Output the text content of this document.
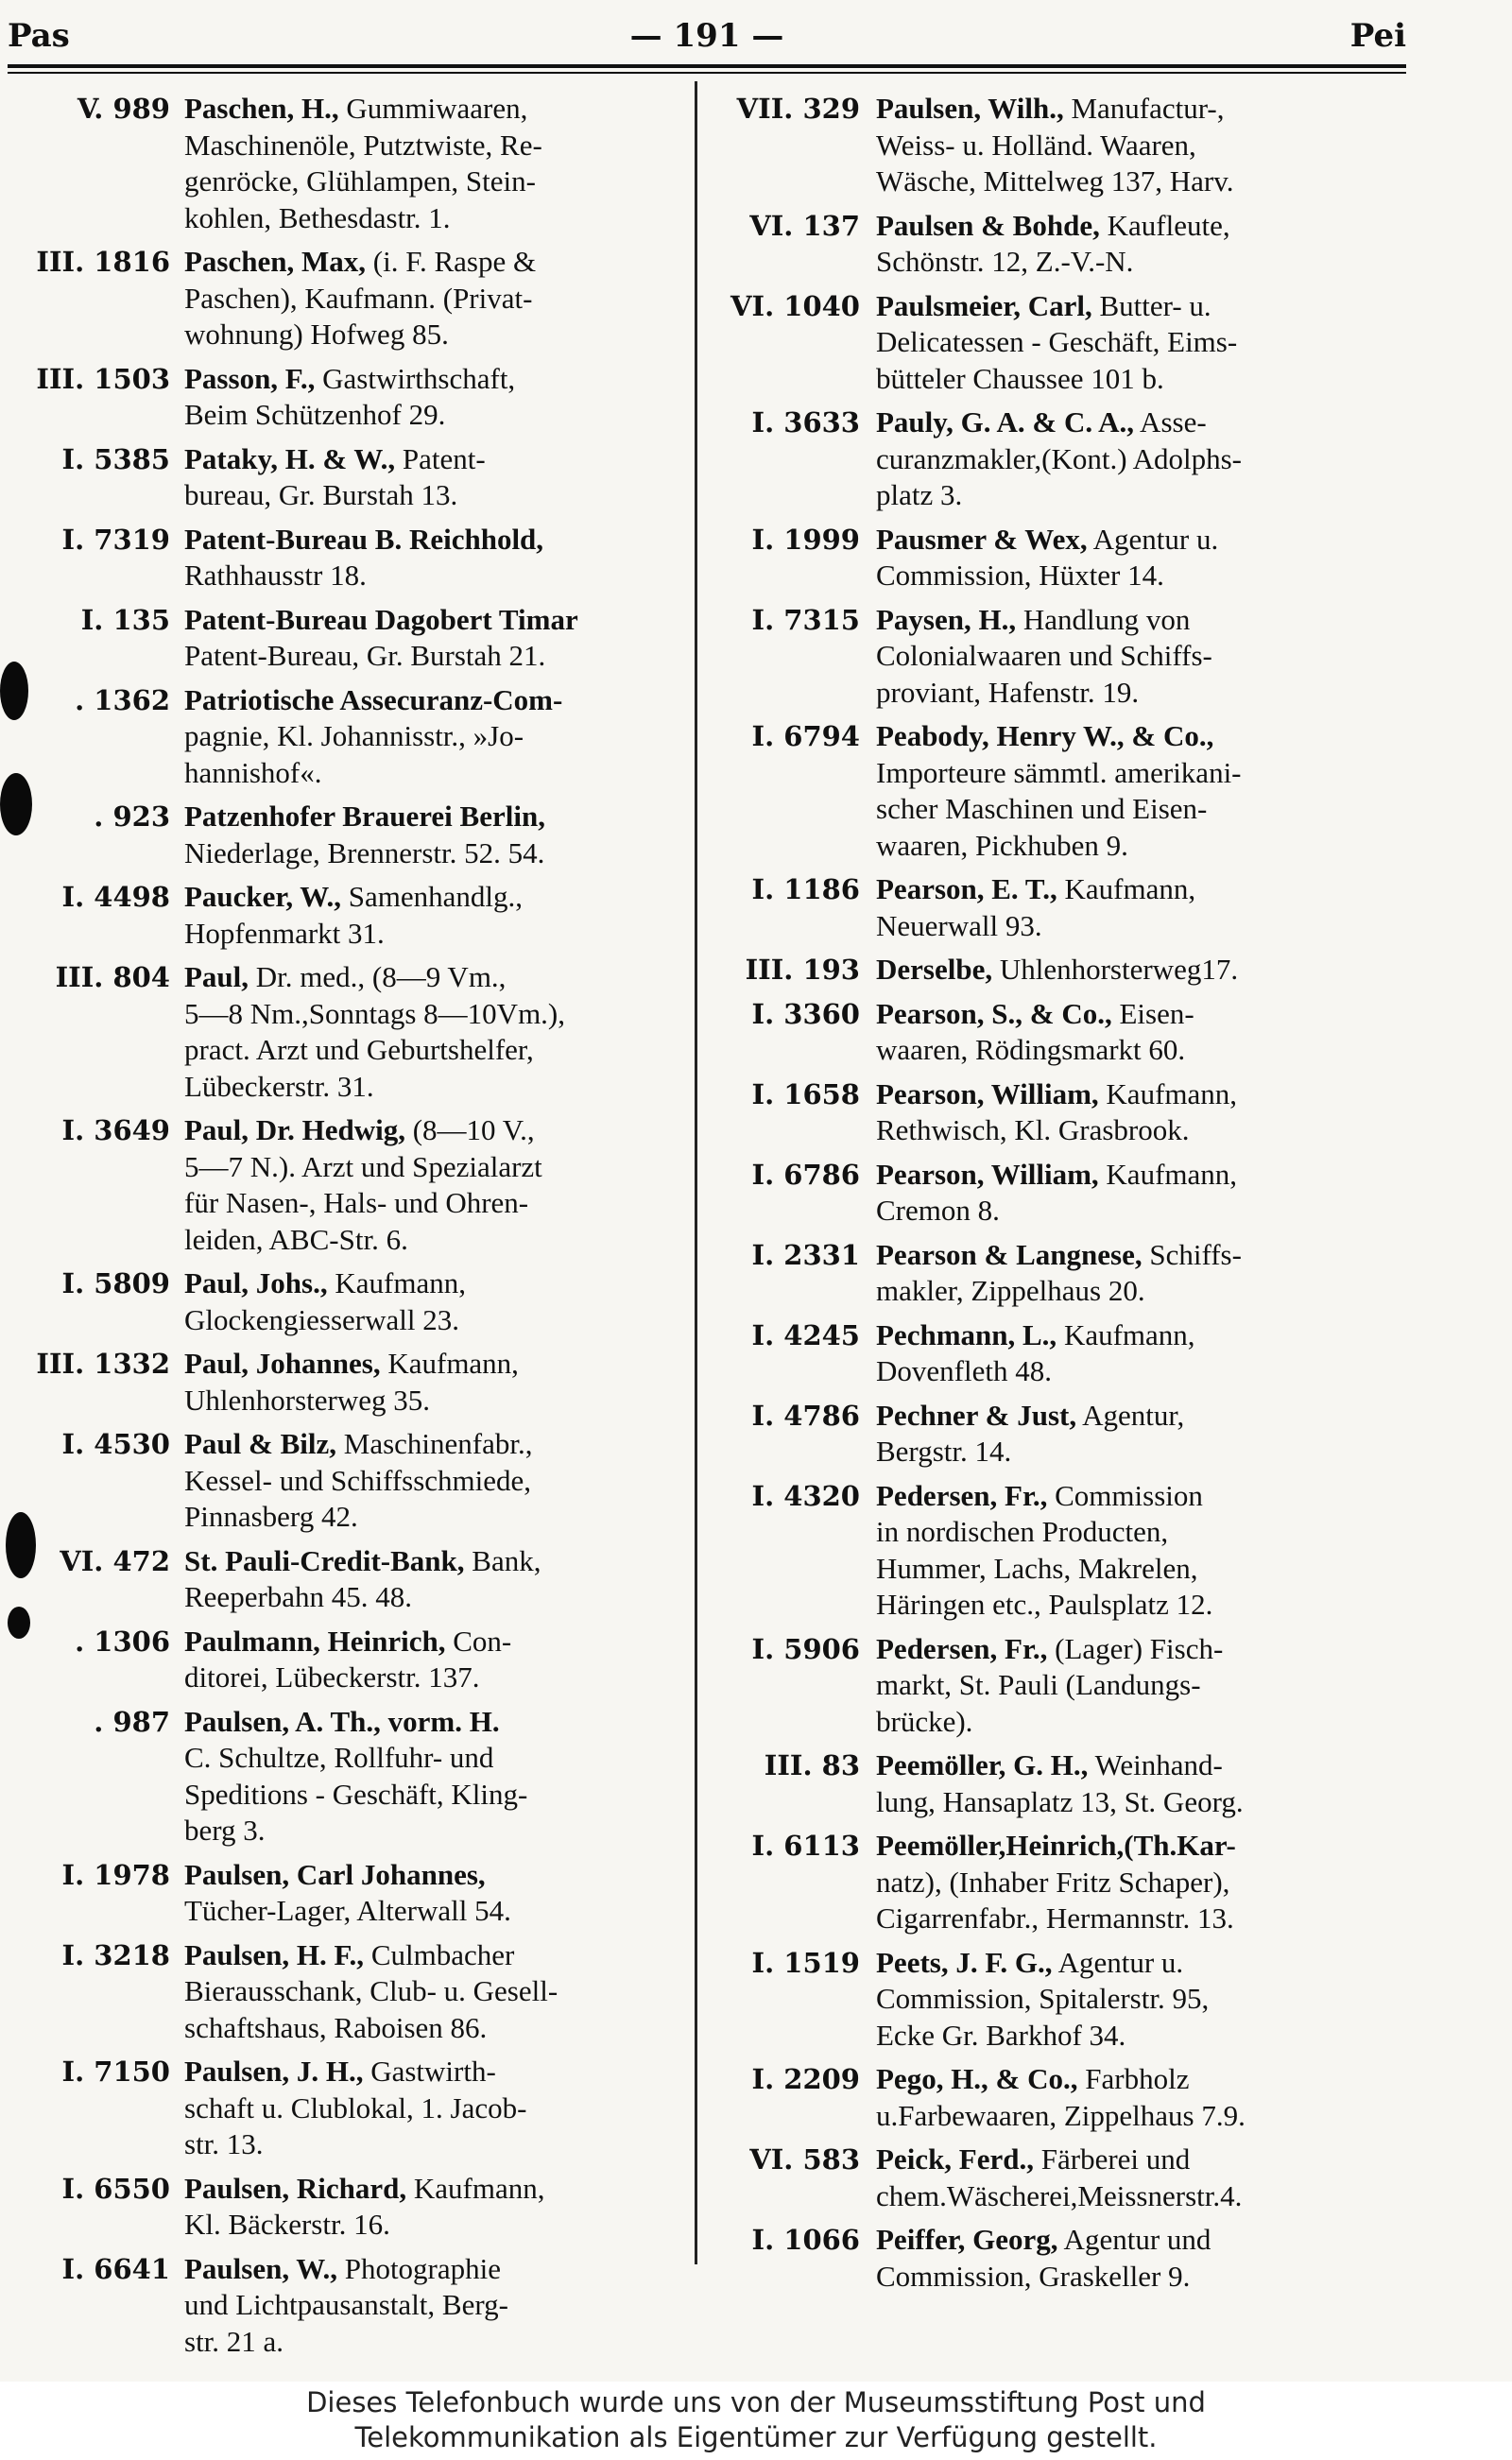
Pas	— 191 —	Pei
V. 989 Paschen, H., Gummiwaaren,
Maschinenöle, Putztwiste, Re-
genröcke, Glühlampen, Stein-
kohlen, Bethesdastr. 1.
III. 1816 Paschen, Max, (i. F. Raspe &
Paschen), Kaufmann. (Privat-
wohnung) Hofweg 85.
III. 1503 Passon, F., Gastwirthschaft,
Beim Schützenhof 29.
I. 5385 Pataky, H. & W., Patent-
bureau, Gr. Burstah 13.
I. 7319 Patent-Bureau B. Reichhold,
Rathhausstr 18.
I. 135 Patent-Bureau Dagobert Timar
Patent-Bureau, Gr. Burstah 21.
. 1362 Patriotische Assecuranz-Com-
pagnie, Kl. Johannisstr., »Jo-
hannishof«.
. 923 Patzenhofer Brauerei Berlin,
Niederlage, Brennerstr. 52. 54.
I. 4498 Paucker, W., Samenhandlg.,
Hopfenmarkt 31.
III. 804 Paul, Dr. med., (8—9 Vm.,
5—8 Nm.,Sonntags 8—10Vm.),
pract. Arzt und Geburtshelfer,
Lübeckerstr. 31.
I. 3649 Paul, Dr. Hedwig, (8—10 V.,
5—7 N.). Arzt und Spezialarzt
für Nasen-, Hals- und Ohren-
leiden, ABC-Str. 6.
I. 5809 Paul, Johs., Kaufmann,
Glockengiesserwall 23.
III. 1332 Paul, Johannes, Kaufmann,
Uhlenhorsterweg 35.
I. 4530 Paul & Bilz, Maschinenfabr.,
Kessel- und Schiffsschmiede,
Pinnasberg 42.
VI. 472 St. Pauli-Credit-Bank, Bank,
Reeperbahn 45. 48.
. 1306 Paulmann, Heinrich, Con-
ditorei, Lübeckerstr. 137.
. 987 Paulsen, A. Th., vorm. H.
C. Schultze, Rollfuhr- und
Speditions - Geschäft, Kling-
berg 3.
I. 1978 Paulsen, Carl Johannes,
Tücher-Lager, Alterwall 54.
I. 3218 Paulsen, H. F., Culmbacher
Bierausschank, Club- u. Gesell-
schaftshaus, Raboisen 86.
I. 7150 Paulsen, J. H., Gastwirth-
schaft u. Clublokal, 1. Jacob-
str. 13.
I. 6550 Paulsen, Richard, Kaufmann,
Kl. Bäckerstr. 16.
I. 6641 Paulsen, W., Photographie
und Lichtpausanstalt, Berg-
str. 21 a.
VII. 329 Paulsen, Wilh., Manufactur-,
Weiss- u. Holländ. Waaren,
Wäsche, Mittelweg 137, Harv.
VI. 137 Paulsen & Bohde, Kaufleute,
Schönstr. 12, Z.-V.-N.
VI. 1040 Paulsmeier, Carl, Butter- u.
Delicatessen - Geschäft, Eims-
bütteler Chaussee 101 b.
I. 3633 Pauly, G. A. & C. A., Asse-
curanzmakler,(Kont.) Adolphs-
platz 3.
I. 1999 Pausmer & Wex, Agentur u.
Commission, Hüxter 14.
I. 7315 Paysen, H., Handlung von
Colonialwaaren und Schiffs-
proviant, Hafenstr. 19.
I. 6794 Peabody, Henry W., & Co.,
Importeure sämmtl. amerikani-
scher Maschinen und Eisen-
waaren, Pickhuben 9.
I. 1186 Pearson, E. T., Kaufmann,
Neuerwall 93.
III. 193 Derselbe, Uhlenhorsterweg17.
I. 3360 Pearson, S., & Co., Eisen-
waaren, Rödingsmarkt 60.
I. 1658 Pearson, William, Kaufmann,
Rethwisch, Kl. Grasbrook.
I. 6786 Pearson, William, Kaufmann,
Cremon 8.
I. 2331 Pearson & Langnese, Schiffs-
makler, Zippelhaus 20.
I. 4245 Pechmann, L., Kaufmann,
Dovenfleth 48.
I. 4786 Pechner & Just, Agentur,
Bergstr. 14.
I. 4320 Pedersen, Fr., Commission
in nordischen Producten,
Hummer, Lachs, Makrelen,
Häringen etc., Paulsplatz 12.
I. 5906 Pedersen, Fr., (Lager) Fisch-
markt, St. Pauli (Landungs-
brücke).
III. 83 Peemöller, G. H., Weinhand-
lung, Hansaplatz 13, St. Georg.
I. 6113 Peemöller,Heinrich,(Th.Kar-
natz), (Inhaber Fritz Schaper),
Cigarrenfabr., Hermannstr. 13.
I. 1519 Peets, J. F. G., Agentur u.
Commission, Spitalerstr. 95,
Ecke Gr. Barkhof 34.
I. 2209 Pego, H., & Co., Farbholz
u.Farbewaaren, Zippelhaus 7.9.
VI. 583 Peick, Ferd., Färberei und
chem.Wäscherei,Meissnerstr.4.
I. 1066 Peiffer, Georg, Agentur und
Commission, Graskeller 9.
Dieses Telefonbuch wurde uns von der Museumsstiftung Post und
Telekommunikation als Eigentümer zur Verfügung gestellt.
